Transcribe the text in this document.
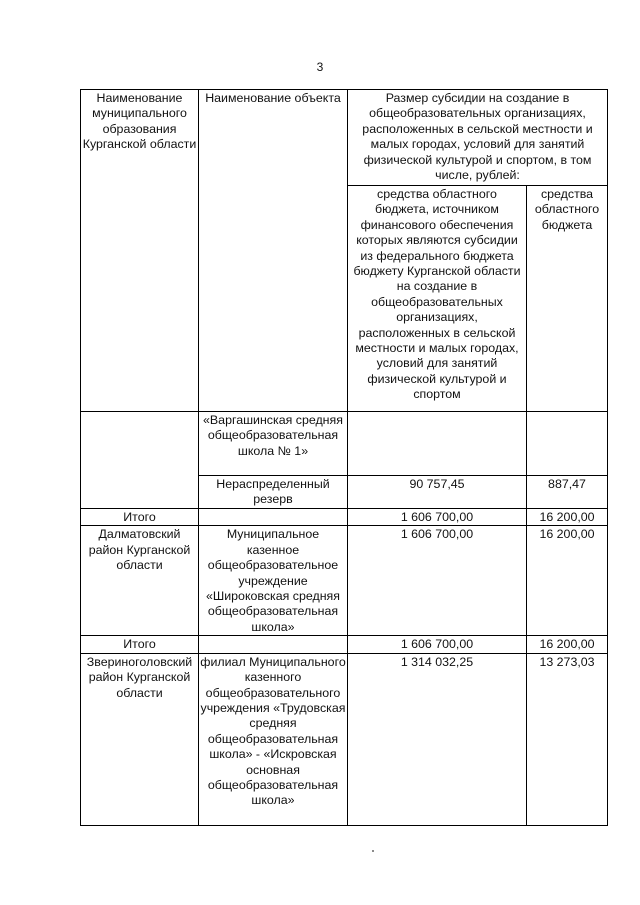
3
Наименование муниципального образования Курганской области	Наименование объекта	Размер субсидии на создание в общеобразовательных организациях, расположенных в сельской местности и малых городах, условий для занятий физической культурой и спортом, в том числе, рублей:	
		средства областного бюджета, источником финансового обеспечения которых являются субсидии из федерального бюджета бюджету Курганской области на создание в общеобразовательных организациях, расположенных в сельской местности и малых городах, условий для занятий физической культурой и спортом	средства областного бюджета
	«Варгашинская средняя общеобразовательная школа № 1»		
	Нераспределенный резерв	90 757,45	887,47
Итого		1 606 700,00	16 200,00
Далматовский район Курганской области	Муниципальное казенное общеобразовательное учреждение «Широковская средняя общеобразовательная школа»	1 606 700,00	16 200,00
Итого		1 606 700,00	16 200,00
Звериноголовский район Курганской области	филиал Муниципального казенного общеобразовательного учреждения «Трудовская средняя общеобразовательная школа» - «Искровская основная общеобразовательная школа»	1 314 032,25	13 273,03
